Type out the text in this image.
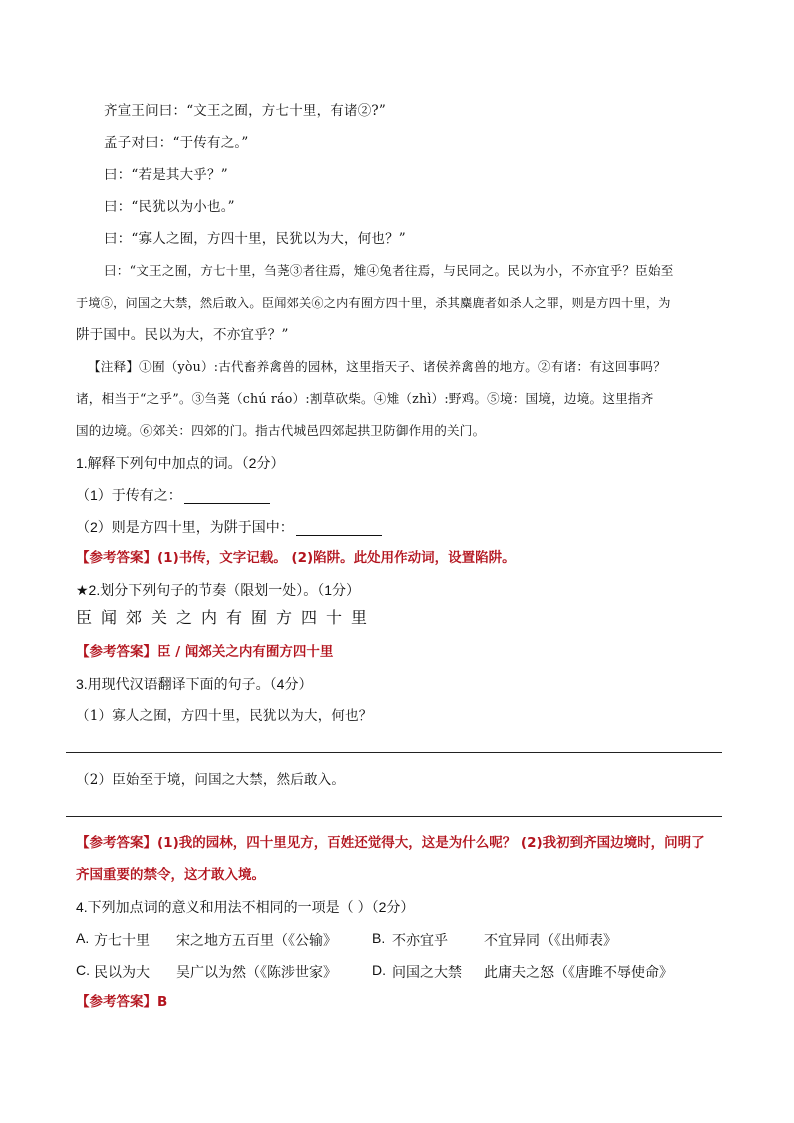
齐宣王问曰：“文王之囿，方七十里，有诸②?”
孟子对曰：“于传有之。”
曰：“若是其大乎？”
曰：“民犹以为小也。”
曰：“寡人之囿，方四十里，民犹以为大，何也？”
曰：“文王之囿，方七十里，刍荛③者往焉，雉④兔者往焉，与民同之。民以为小，不亦宜乎？臣始至
于境⑤，问国之大禁，然后敢入。臣闻郊关⑥之内有囿方四十里，杀其麋鹿者如杀人之罪，则是方四十里，为
阱于国中。民以为大，不亦宜乎？”
【注释】①囿（yòu）:古代畜养禽兽的园林，这里指天子、诸侯养禽兽的地方。②有诸：有这回事吗？
诸，相当于“之乎”。③刍荛（chú ráo）:割草砍柴。④雉（zhì）:野鸡。⑤境：国境，边境。这里指齐
国的边境。⑥郊关：四郊的门。指古代城邑四郊起拱卫防御作用的关门。
1.解释下列句中加点的词。（2分）
（1）于传有之：
（2）则是方四十里，为阱于国中：
【参考答案】(1)书传，文字记载。 (2)陷阱。此处用作动词，设置陷阱。
★2.划分下列句子的节奏（限划一处）。（1分）
臣闻郊关之内有囿方四十里
【参考答案】臣 / 闻郊关之内有囿方四十里
3.用现代汉语翻译下面的句子。（4分）
（1）寡人之囿，方四十里，民犹以为大，何也？
（2）臣始至于境，问国之大禁，然后敢入。
【参考答案】(1)我的园林，四十里见方，百姓还觉得大，这是为什么呢？ (2)我初到齐国边境时，问明了
齐国重要的禁令，这才敢入境。
4.下列加点词的意义和用法不相同的一项是（ ）（2分）
A. 方七十里 宋之地方五百里（《公输》	B. 不亦宜乎	不宜异同（《出师表》
C. 民以为大 吴广以为然（《陈涉世家》	D. 问国之大禁 此庸夫之怒（《唐雎不辱使命》
【参考答案】B
